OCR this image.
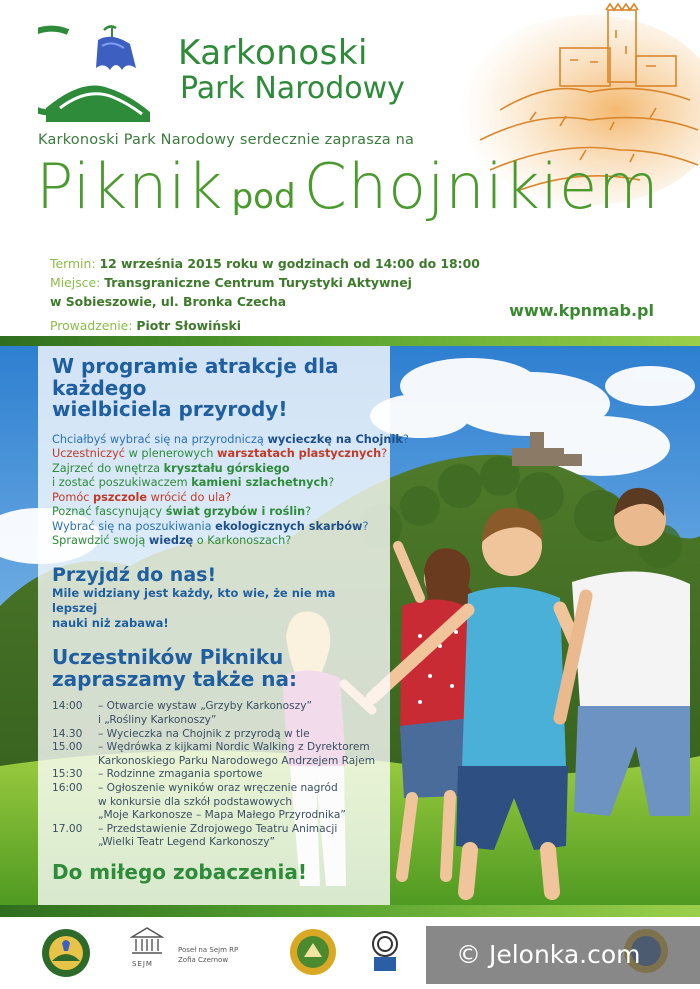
Karkonoski
Park Narodowy
Karkonoski Park Narodowy serdecznie zaprasza na
Piknik pod Chojnikiem
Termin: 12 września 2015 roku w godzinach od 14:00 do 18:00
Miejsce: Transgraniczne Centrum Turystyki Aktywnej
w Sobieszowie, ul. Bronka Czecha
Prowadzenie: Piotr Słowiński
www.kpnmab.pl
W programie atrakcje dla każdego
wielbiciela przyrody!
Chciałbyś wybrać się na przyrodniczą wycieczkę na Chojnik?
Uczestniczyć w plenerowych warsztatach plastycznych?
Zajrzeć do wnętrza kryształu górskiego
i zostać poszukiwaczem kamieni szlachetnych?
Pomóc pszczole wrócić do ula?
Poznać fascynujący świat grzybów i roślin?
Wybrać się na poszukiwania ekologicznych skarbów?
Sprawdzić swoją wiedzę o Karkonoszach?
Przyjdź do nas!
Mile widziany jest każdy, kto wie, że nie ma lepszej
nauki niż zabawa!
Uczestników Pikniku
zapraszamy także na:
14:00	– Otwarcie wystaw „Grzyby Karkonoszy”
i „Rośliny Karkonoszy”
14.30	– Wycieczka na Chojnik z przyrodą w tle
15.00	– Wędrówka z kijkami Nordic Walking z Dyrektorem
Karkonoskiego Parku Narodowego Andrzejem Rajem
15:30	– Rodzinne zmagania sportowe
16:00	– Ogłoszenie wyników oraz wręczenie nagród
w konkursie dla szkół podstawowych
„Moje Karkonosze – Mapa Małego Przyrodnika”
17.00	– Przedstawienie Zdrojowego Teatru Animacji
„Wielki Teatr Legend Karkonoszy”
Do miłego zobaczenia!
SEJM
Poseł na Sejm RP
Zofia Czernow	© Jelonka.com
